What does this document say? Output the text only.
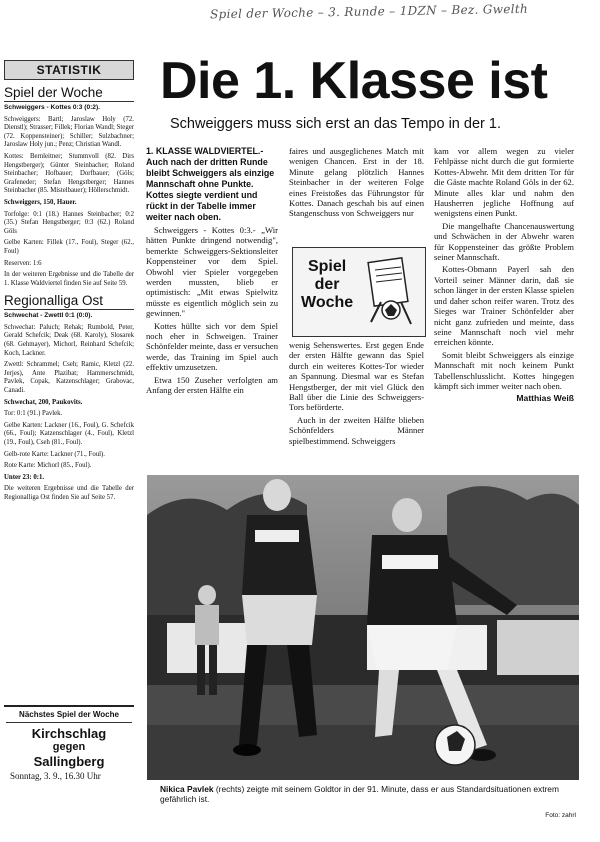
Spiel der Woche – 3. Runde – 1DZN – Bez. Gwelth
STATISTIK
Spiel der Woche

Schweiggers - Kottes 0:3 (0:2).

Schweiggers: Bartl; Jaroslaw Holy (72. Dienstl); Strasser; Fillek; Florian Wandl; Steger (72. Koppensteiner); Schiller; Sulzbachner; Jaroslaw Holy jun.; Penz; Christian Wandl.

Kottes: Bernleitner; Stummvoll (82. Dirs Hengstberger); Günter Steinbacher; Roland Steinbacher; Hofbauer; Dorfbauer; (Göls; Grafeneder; Stefan Hengstberger; Hannes Steinbacher (85. Mistelbauer); Höllerschmidt.

Schweiggers, 150, Hauer.

Torfolge: 0:1 (18.) Hannes Steinbacher; 0:2 (35.) Stefan Hengstberger; 0:3 (62.) Roland Göls

Gelbe Karten: Fillek (17., Foul), Steger (62., Foul)

Reserven: 1:6

In der weiteren Ergebnisse und die Tabelle der 1. Klasse Waldviertel finden Sie auf Seite 59.

Regionalliga Ost

Schwechat - Zwettl 0:1 (0:0).

Schwechat: Paluch; Rehak; Rumbold, Peter, Gerald Schefcik; Deak (68. Karoly), Slosarek (68. Gehmayer), Michorl, Reinhard Schefcik; Koch, Lackner.

Zwettl: Schrammel; Cseh; Ramic, Kletzl (22. Jerjes), Ante Plazibat; Hammerschmidt, Pavlek, Copak, Katzenschlager; Grabovac, Canadi.

Schwechat, 200, Paukovits.

Tor: 0:1 (91.) Pavlek.

Gelbe Karten: Lackner (16., Foul), G. Schefcik (66., Foul); Katzenschlager (4., Foul), Kletzl (19., Foul), Cseh (81., Foul).

Gelb-rote Karte: Lackner (71., Foul).

Rote Karte: Michorl (85., Foul).

Unter 23: 0:1.

Die weiteren Ergebnisse und die Tabelle der Regionalliga Ost finden Sie auf Seite 57.

Nächstes Spiel der Woche
Kirchschlag
gegen
Sallingberg
Sonntag, 3. 9., 16.30 Uhr
Die 1. Klasse ist
Schweiggers muss sich erst an das Tempo in der 1.

1. KLASSE WALDVIERTEL.- Auch nach der dritten Runde bleibt Schweiggers als einzige Mannschaft ohne Punkte. Kottes siegte verdient und rückt in der Tabelle immer weiter nach oben.

Schweiggers - Kottes 0:3.- „Wir hätten Punkte dringend notwendig", bemerkte Schweiggers-Sektionsleiter Koppensteiner vor dem Spiel. Obwohl vier Spieler vorgegeben werden mussten, blieb er optimistisch: „Mit etwas Spielwitz müsste es eigentlich möglich sein zu gewinnen."

Kottes hüllte sich vor dem Spiel noch eher in Schweigen. Trainer Schönfelder meinte, dass er versuchen werde, das Training im Spiel auch effektiv umzusetzen.

Etwa 150 Zuseher verfolgten am Anfang der ersten Hälfte ein

faires und ausgeglichenes Match mit wenigen Chancen. Erst in der 18. Minute gelang plötzlich Hannes Steinbacher in der weiteren Folge eines Freistoßes das Führungstor für Kottes. Danach geschah bis auf einen Stangenschuss von Schweiggers nur

Spiel
der
Woche

wenig Sehenswertes. Erst gegen Ende der ersten Hälfte gewann das Spiel durch ein weiteres Kottes-Tor wieder an Spannung. Diesmal war es Stefan Hengstberger, der mit viel Glück den Ball über die Linie des Schweiggers-Tors beförderte.

Auch in der zweiten Hälfte blieben Schönfelders Männer spielbestimmend. Schweiggers

kam vor allem wegen zu vieler Fehlpässe nicht durch die gut formierte Kottes-Abwehr. Mit dem dritten Tor für die Gäste machte Roland Göls in der 62. Minute alles klar und nahm den Hausherren jegliche Hoffnung auf wenigstens einen Punkt.

Die mangelhafte Chancenauswertung und Schwächen in der Abwehr waren für Koppensteiner das größte Problem seiner Mannschaft.

Kottes-Obmann Payerl sah den Vorteil seiner Männer darin, daß sie schon länger in der ersten Klasse spielen und daher schon reifer waren. Trotz des Sieges war Trainer Schönfelder aber nicht ganz zufrieden und meinte, dass seine Mannschaft noch viel mehr erreichen könnte.

Somit bleibt Schweiggers als einzige Mannschaft mit noch keinem Punkt Tabellenschlusslicht. Kottes hingegen kämpft sich immer weiter nach oben.

Matthias Weiß
Nikica Pavlek (rechts) zeigte mit seinem Goldtor in der 91. Minute, dass er aus Standardsituationen extrem gefährlich ist.
Foto: zahrl
